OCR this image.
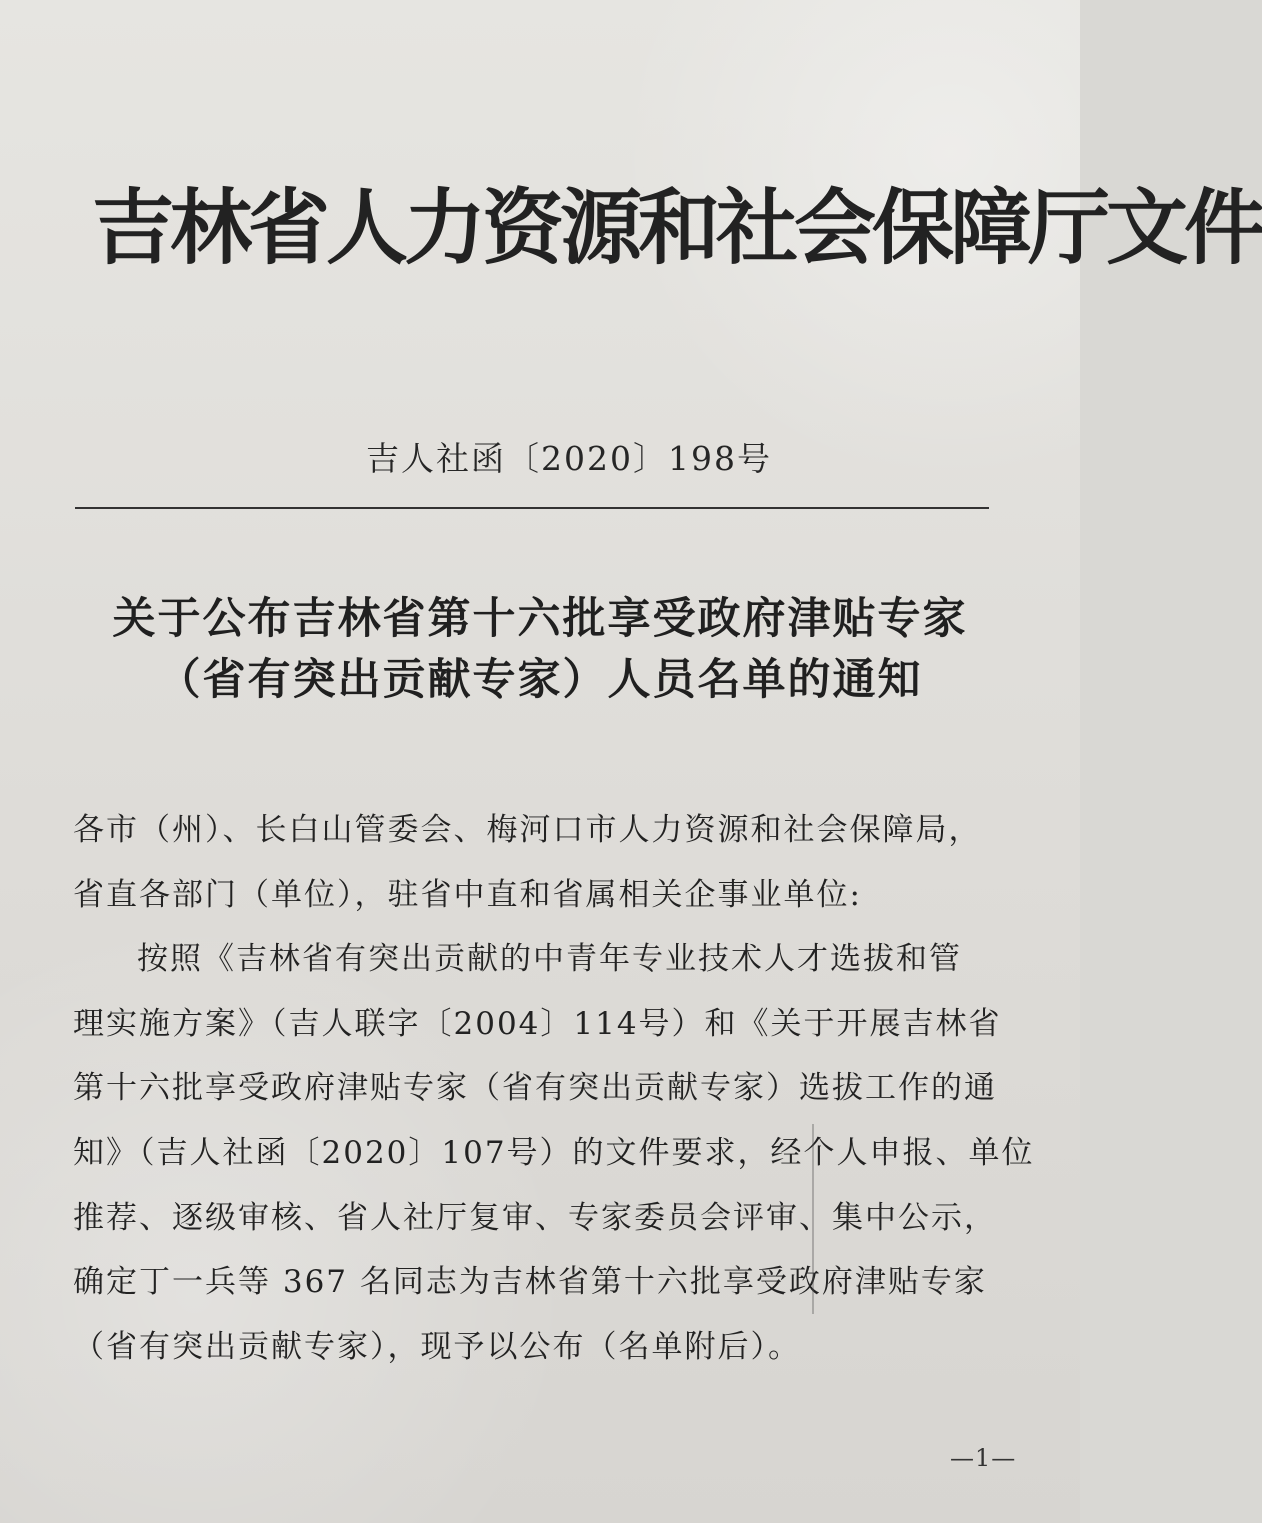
吉林省人力资源和社会保障厅文件
吉人社函〔2020〕198号
关于公布吉林省第十六批享受政府津贴专家
（省有突出贡献专家）人员名单的通知
各市（州）、长白山管委会、梅河口市人力资源和社会保障局，
省直各部门（单位），驻省中直和省属相关企事业单位:
按照《吉林省有突出贡献的中青年专业技术人才选拔和管
理实施方案》（吉人联字〔2004〕114号）和《关于开展吉林省
第十六批享受政府津贴专家（省有突出贡献专家）选拔工作的通
知》（吉人社函〔2020〕107号）的文件要求，经个人申报、单位
推荐、逐级审核、省人社厅复审、专家委员会评审、集中公示，
确定丁一兵等 367 名同志为吉林省第十六批享受政府津贴专家
（省有突出贡献专家），现予以公布（名单附后）。
—1—
